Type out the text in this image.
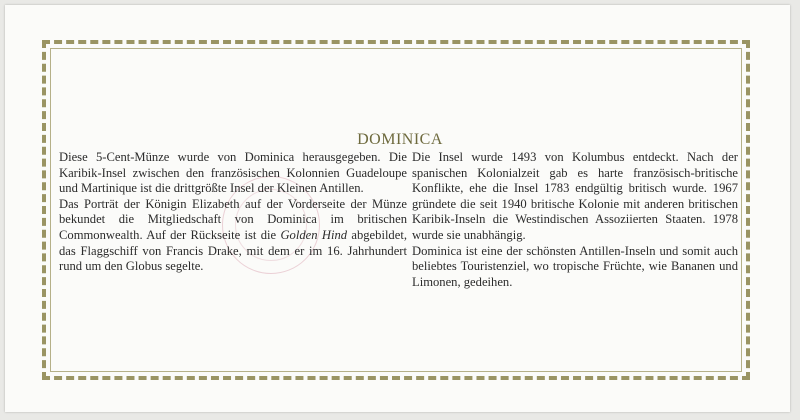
DOMINICA

Diese 5-Cent-Münze wurde von Dominica herausgegeben. Die Karibik-Insel zwischen den französischen Kolonnien Guadeloupe und Martinique ist die drittgrößte Insel der Kleinen Antillen.

Das Porträt der Königin Elizabeth auf der Vorderseite der Münze bekundet die Mitgliedschaft von Dominica im britischen Commonwealth. Auf der Rückseite ist die Golden Hind abgebildet, das Flaggschiff von Francis Drake, mit dem er im 16. Jahrhundert rund um den Globus segelte.

Die Insel wurde 1493 von Kolumbus entdeckt. Nach der spanischen Kolonialzeit gab es harte französisch-britische Konflikte, ehe die Insel 1783 endgültig britisch wurde. 1967 gründete die seit 1940 britische Kolonie mit anderen britischen Karibik-Inseln die Westindischen Assoziierten Staaten. 1978 wurde sie unabhängig.

Dominica ist eine der schönsten Antillen-Inseln und somit auch beliebtes Touristenziel, wo tropische Früchte, wie Bananen und Limonen, gedeihen.
